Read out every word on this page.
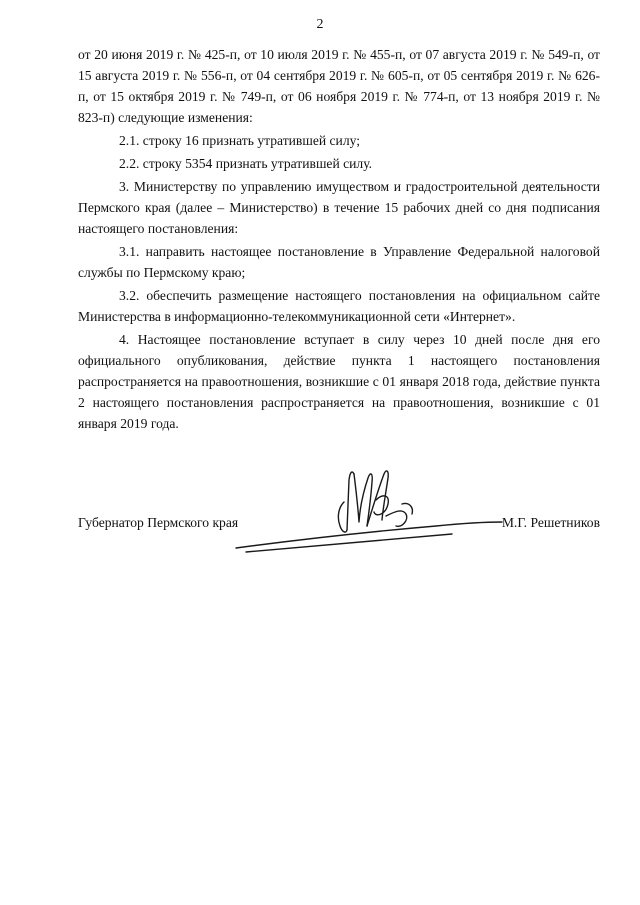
2

от 20 июня 2019 г. № 425-п, от 10 июля 2019 г. № 455-п, от 07 августа 2019 г. № 549-п, от 15 августа 2019 г. № 556-п, от 04 сентября 2019 г. № 605-п, от 05 сентября 2019 г. № 626-п, от 15 октября 2019 г. № 749-п, от 06 ноября 2019 г. № 774-п, от 13 ноября 2019 г. № 823-п) следующие изменения:

2.1. строку 16 признать утратившей силу;

2.2. строку 5354 признать утратившей силу.

3. Министерству по управлению имуществом и градостроительной деятельности Пермского края (далее – Министерство) в течение 15 рабочих дней со дня подписания настоящего постановления:

3.1. направить настоящее постановление в Управление Федеральной налоговой службы по Пермскому краю;

3.2. обеспечить размещение настоящего постановления на официальном сайте Министерства в информационно-телекоммуникационной сети «Интернет».

4. Настоящее постановление вступает в силу через 10 дней после дня его официального опубликования, действие пункта 1 настоящего постановления распространяется на правоотношения, возникшие с 01 января 2018 года, действие пункта 2 настоящего постановления распространяется на правоотношения, возникшие с 01 января 2019 года.

Губернатор Пермского края	М.Г. Решетников
